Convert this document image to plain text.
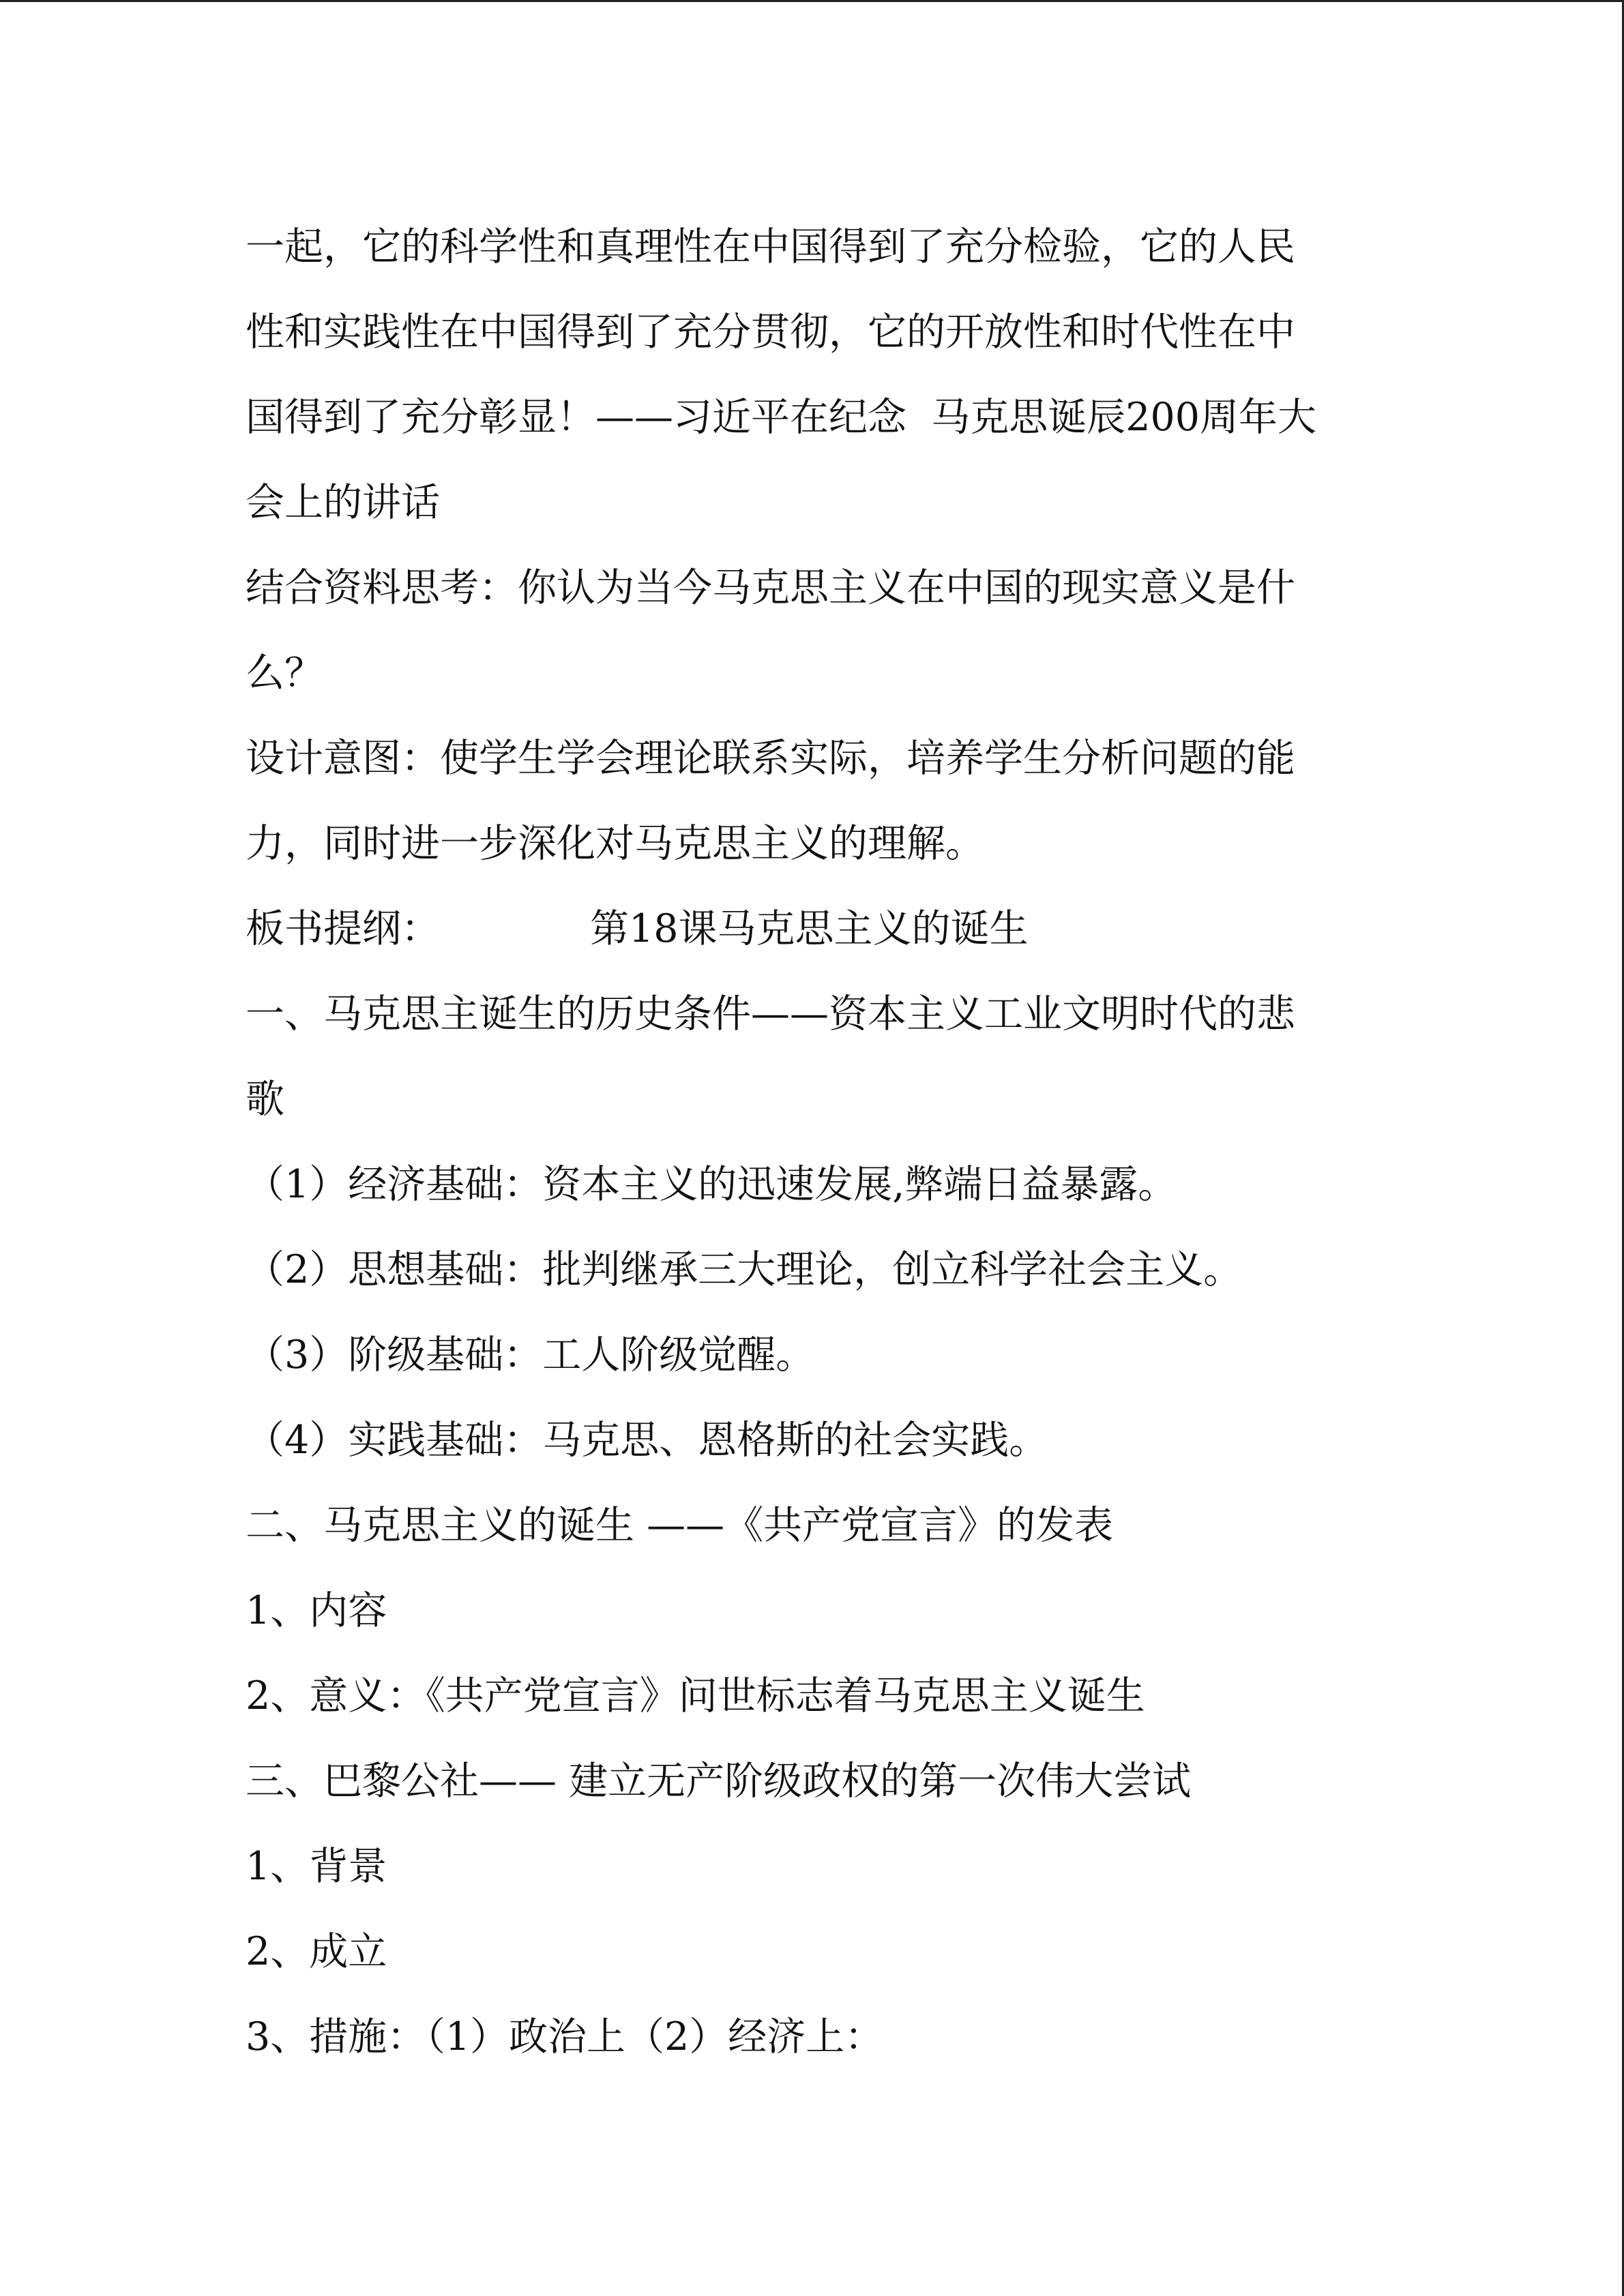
一起，它的科学性和真理性在中国得到了充分检验，它的人民
性和实践性在中国得到了充分贯彻，它的开放性和时代性在中
国得到了充分彰显！——习近平在纪念  马克思诞辰200周年大
会上的讲话
结合资料思考：你认为当今马克思主义在中国的现实意义是什
么？
设计意图：使学生学会理论联系实际，培养学生分析问题的能
力，同时进一步深化对马克思主义的理解。
板书提纲：	第18课马克思主义的诞生
一、马克思主诞生的历史条件——资本主义工业文明时代的悲
歌
（1）经济基础：资本主义的迅速发展,弊端日益暴露。
（2）思想基础：批判继承三大理论，创立科学社会主义。
（3）阶级基础：工人阶级觉醒。
（4）实践基础：马克思、恩格斯的社会实践。
二、马克思主义的诞生 ——《共产党宣言》的发表
1、内容
2、意义：《共产党宣言》问世标志着马克思主义诞生
三、巴黎公社—— 建立无产阶级政权的第一次伟大尝试
1、背景
2、成立
3、措施：（1）政治上（2）经济上：
